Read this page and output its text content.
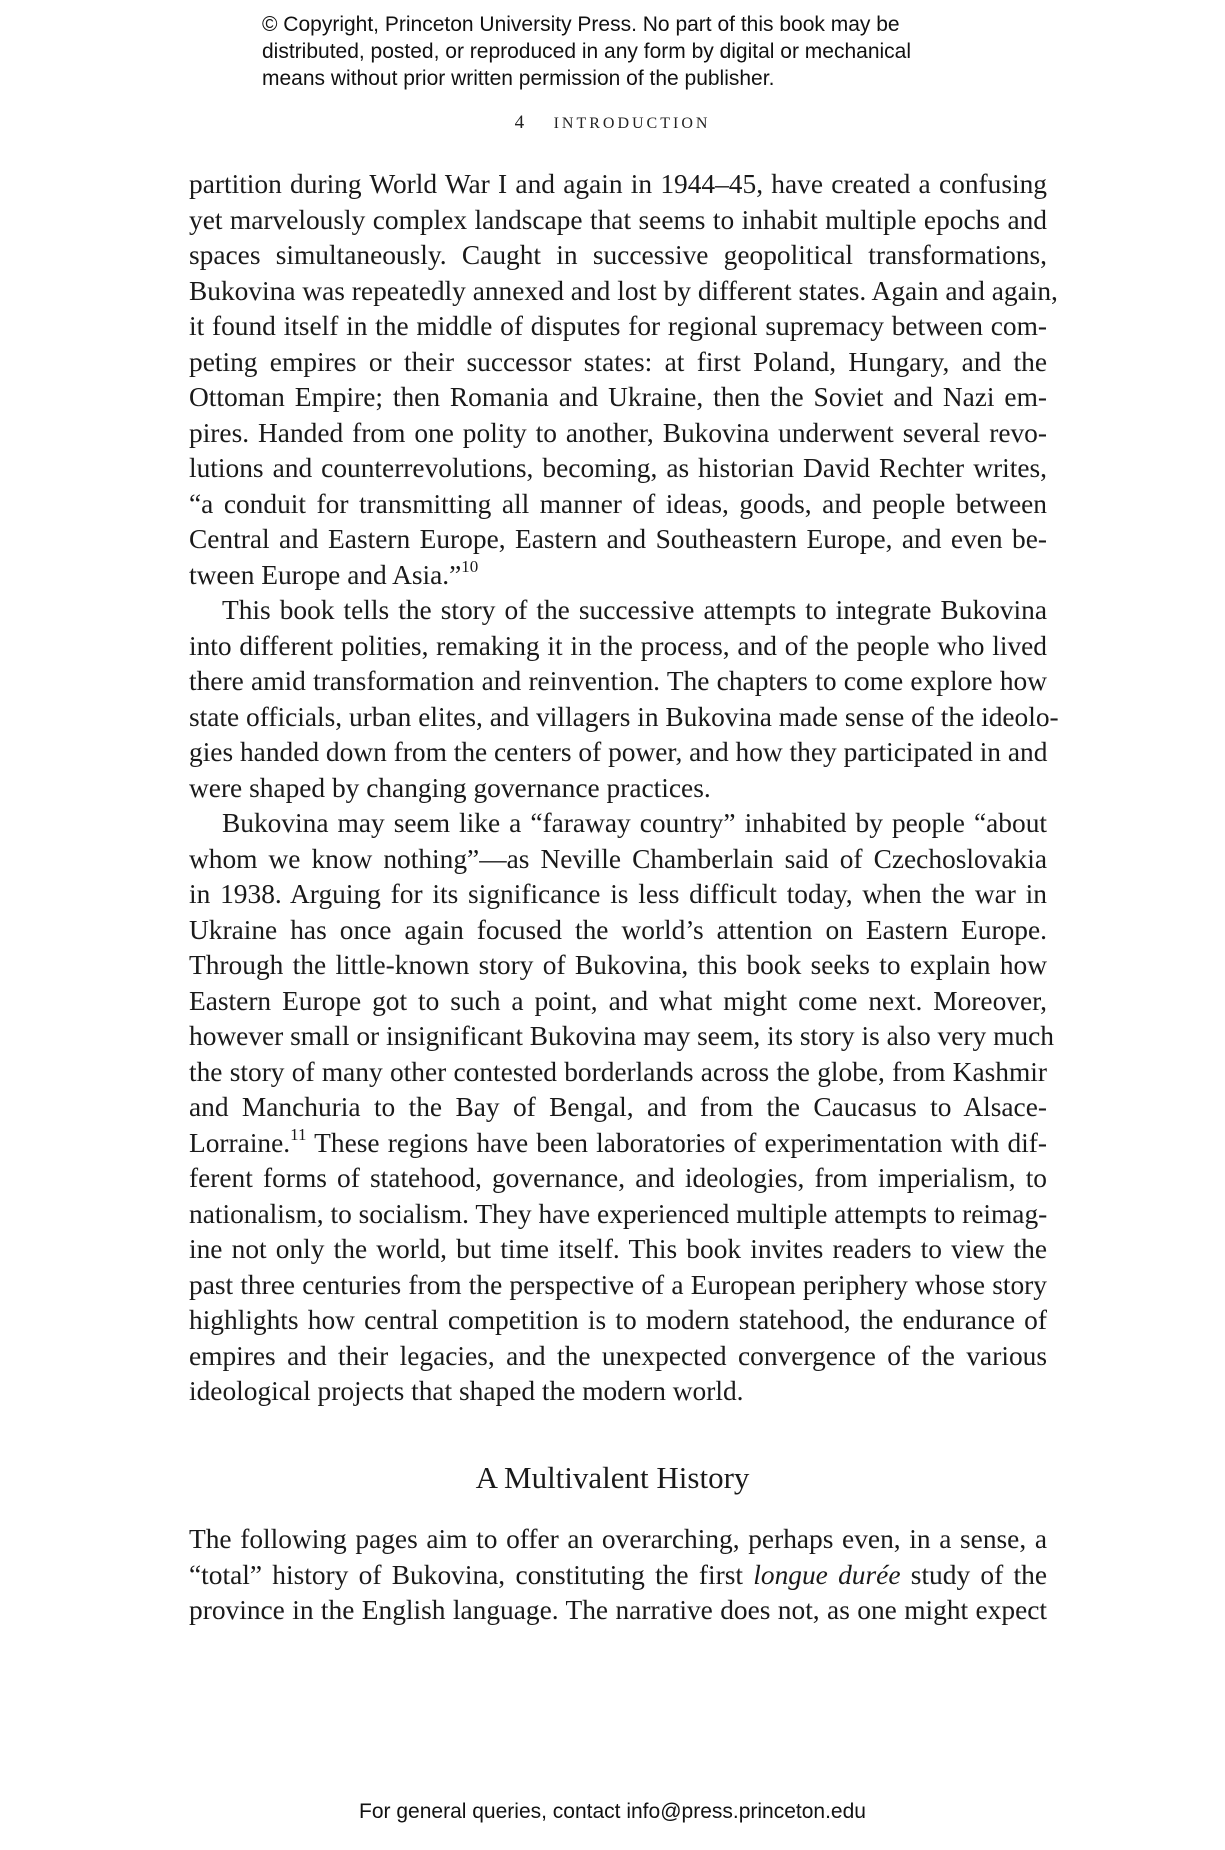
© Copyright, Princeton University Press. No part of this book may be
distributed, posted, or reproduced in any form by digital or mechanical
means without prior written permission of the publisher.
4 INTRODUCTION
partition during World War I and again in 1944–45, have created a confusing
yet marvelously complex landscape that seems to inhabit multiple epochs and
spaces simultaneously. Caught in successive geopolitical transformations,
Bukovina was repeatedly annexed and lost by different states. Again and again,
it found itself in the middle of disputes for regional supremacy between com-
peting empires or their successor states: at first Poland, Hungary, and the
Ottoman Empire; then Romania and Ukraine, then the Soviet and Nazi em-
pires. Handed from one polity to another, Bukovina underwent several revo-
lutions and counterrevolutions, becoming, as historian David Rechter writes,
“a conduit for transmitting all manner of ideas, goods, and people between
Central and Eastern Europe, Eastern and Southeastern Europe, and even be-
tween Europe and Asia.”$^{10}$
This book tells the story of the successive attempts to integrate Bukovina
into different polities, remaking it in the process, and of the people who lived
there amid transformation and reinvention. The chapters to come explore how
state officials, urban elites, and villagers in Bukovina made sense of the ideolo-
gies handed down from the centers of power, and how they participated in and
were shaped by changing governance practices.
Bukovina may seem like a “faraway country” inhabited by people “about
whom we know nothing”—as Neville Chamberlain said of Czechoslovakia
in 1938. Arguing for its significance is less difficult today, when the war in
Ukraine has once again focused the world’s attention on Eastern Europe.
Through the little-known story of Bukovina, this book seeks to explain how
Eastern Europe got to such a point, and what might come next. Moreover,
however small or insignificant Bukovina may seem, its story is also very much
the story of many other contested borderlands across the globe, from Kashmir
and Manchuria to the Bay of Bengal, and from the Caucasus to Alsace-
Lorraine.$^{11}$ These regions have been laboratories of experimentation with dif-
ferent forms of statehood, governance, and ideologies, from imperialism, to
nationalism, to socialism. They have experienced multiple attempts to reimag-
ine not only the world, but time itself. This book invites readers to view the
past three centuries from the perspective of a European periphery whose story
highlights how central competition is to modern statehood, the endurance of
empires and their legacies, and the unexpected convergence of the various
ideological projects that shaped the modern world.
A Multivalent History
The following pages aim to offer an overarching, perhaps even, in a sense, a
“total” history of Bukovina, constituting the first longue durée study of the
province in the English language. The narrative does not, as one might expect
For general queries, contact info@press.princeton.edu
